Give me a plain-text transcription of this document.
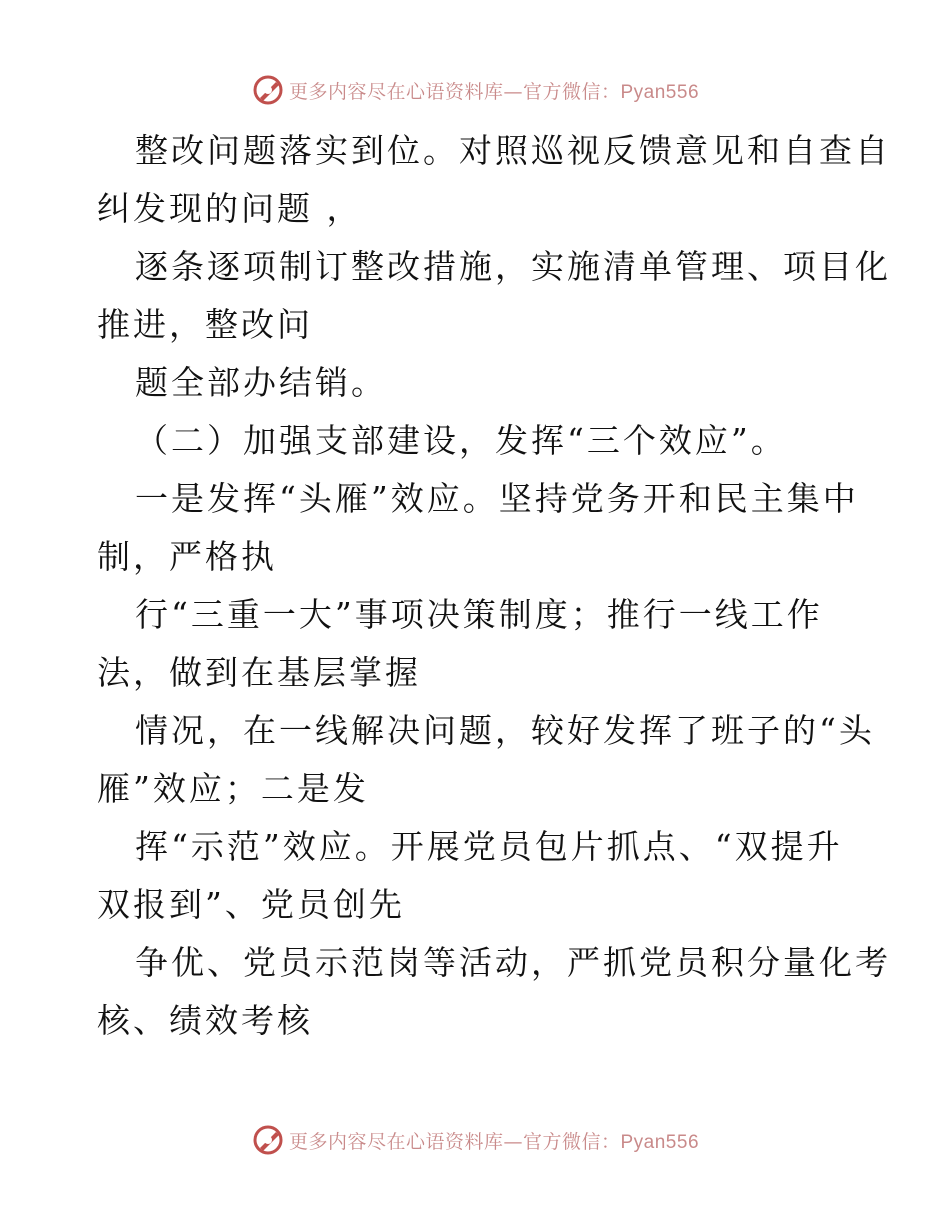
更多内容尽在心语资料库—官方微信：Pyan556
整改问题落实到位。对照巡视反馈意见和自查自
纠发现的问题 ，
逐条逐项制订整改措施，实施清单管理、项目化
推进，整改问
题全部办结销。
（二）加强支部建设，发挥“三个效应”。
一是发挥“头雁”效应。坚持党务开和民主集中
制，严格执
行“三重一大”事项决策制度；推行一线工作
法，做到在基层掌握
情况，在一线解决问题，较好发挥了班子的“头
雁”效应；二是发
挥“示范”效应。开展党员包片抓点、“双提升
双报到”、党员创先
争优、党员示范岗等活动，严抓党员积分量化考
核、绩效考核
更多内容尽在心语资料库—官方微信：Pyan556
